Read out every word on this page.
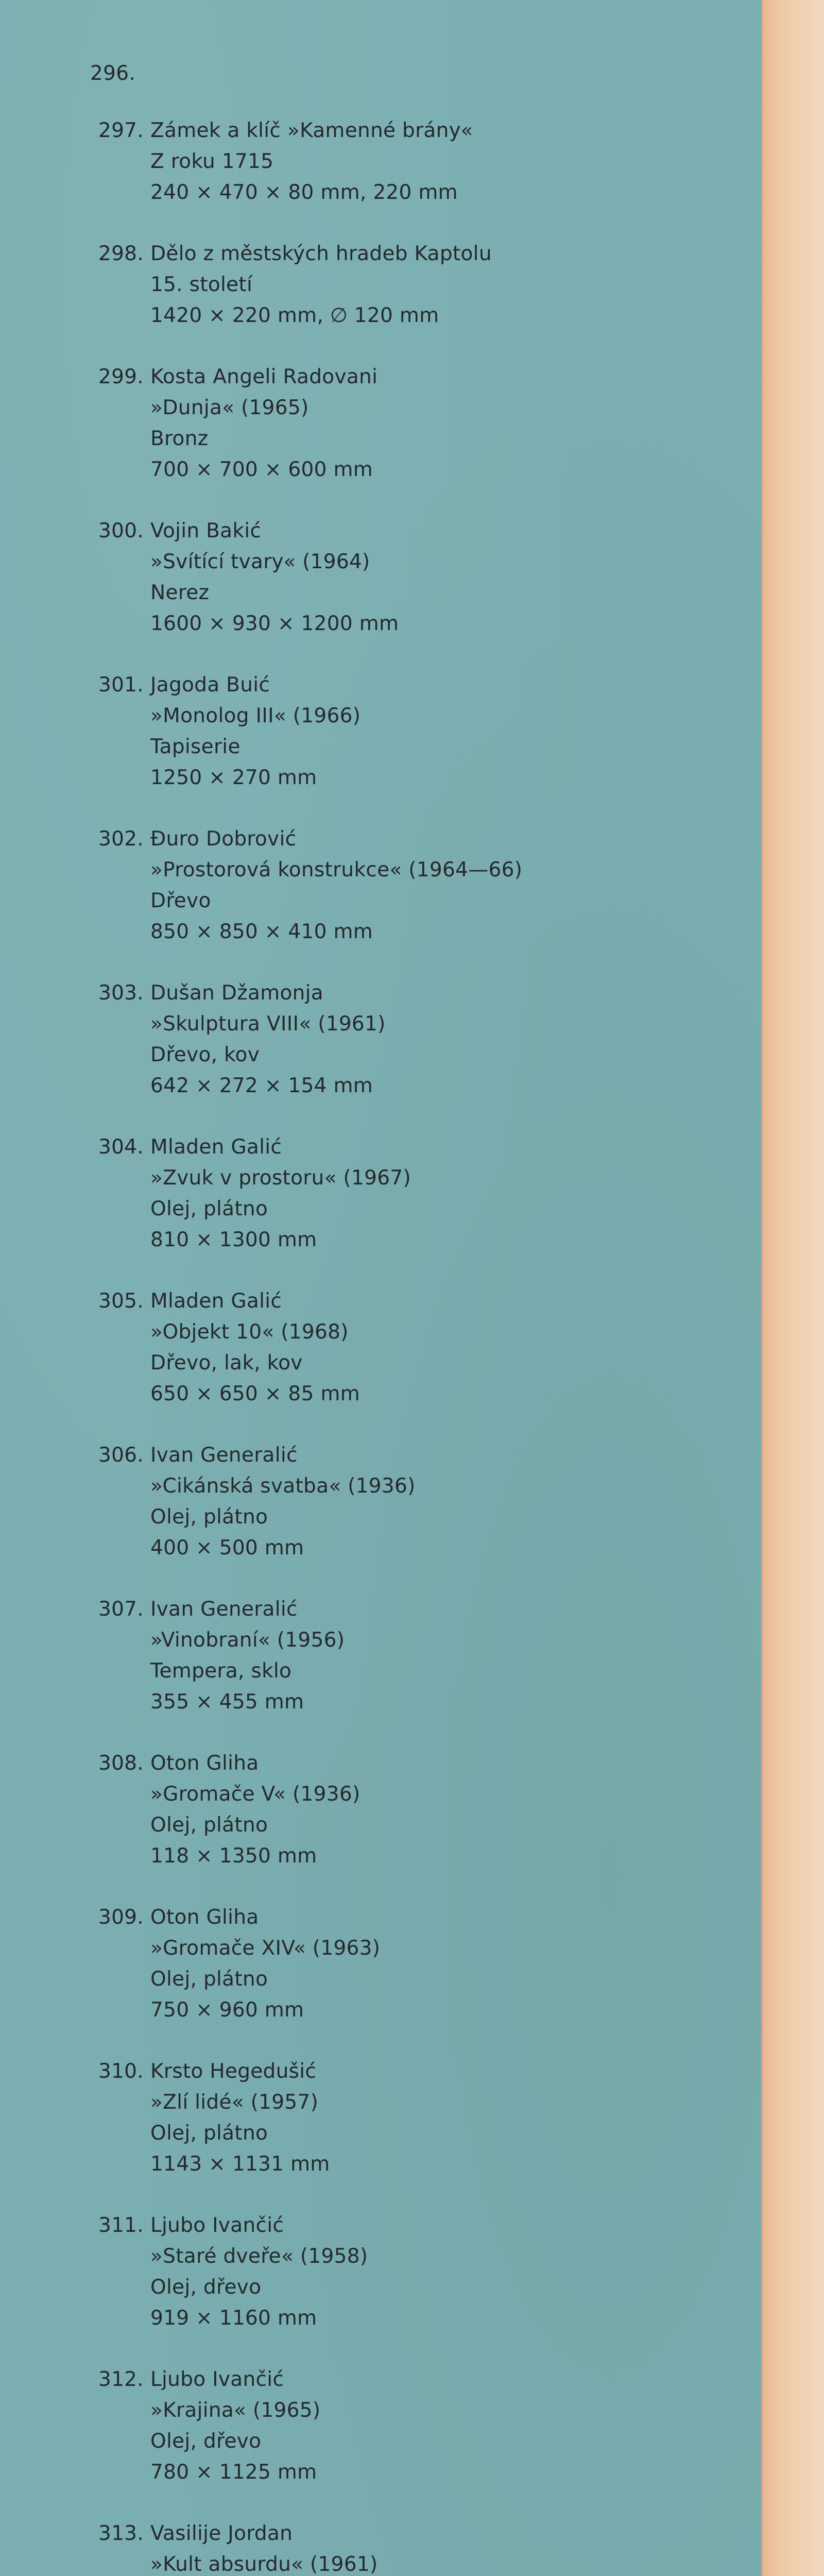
296.
297. Zámek a klíč »Kamenné brány«
Z roku 1715
240 × 470 × 80 mm, 220 mm
298. Dělo z městských hradeb Kaptolu
15. století
1420 × 220 mm, ∅ 120 mm
299. Kosta Angeli Radovani
»Dunja« (1965)
Bronz
700 × 700 × 600 mm
300. Vojin Bakić
»Svítící tvary« (1964)
Nerez
1600 × 930 × 1200 mm
301. Jagoda Buić
»Monolog III« (1966)
Tapiserie
1250 × 270 mm
302. Đuro Dobrović
»Prostorová konstrukce« (1964—66)
Dřevo
850 × 850 × 410 mm
303. Dušan Džamonja
»Skulptura VIII« (1961)
Dřevo, kov
642 × 272 × 154 mm
304. Mladen Galić
»Zvuk v prostoru« (1967)
Olej, plátno
810 × 1300 mm
305. Mladen Galić
»Objekt 10« (1968)
Dřevo, lak, kov
650 × 650 × 85 mm
306. Ivan Generalić
»Cikánská svatba« (1936)
Olej, plátno
400 × 500 mm
307. Ivan Generalić
»Vinobraní« (1956)
Tempera, sklo
355 × 455 mm
308. Oton Gliha
»Gromače V« (1936)
Olej, plátno
118 × 1350 mm
309. Oton Gliha
»Gromače XIV« (1963)
Olej, plátno
750 × 960 mm
310. Krsto Hegedušić
»Zlí lidé« (1957)
Olej, plátno
1143 × 1131 mm
311. Ljubo Ivančić
»Staré dveře« (1958)
Olej, dřevo
919 × 1160 mm
312. Ljubo Ivančić
»Krajina« (1965)
Olej, dřevo
780 × 1125 mm
313. Vasilije Jordan
»Kult absurdu« (1961)
